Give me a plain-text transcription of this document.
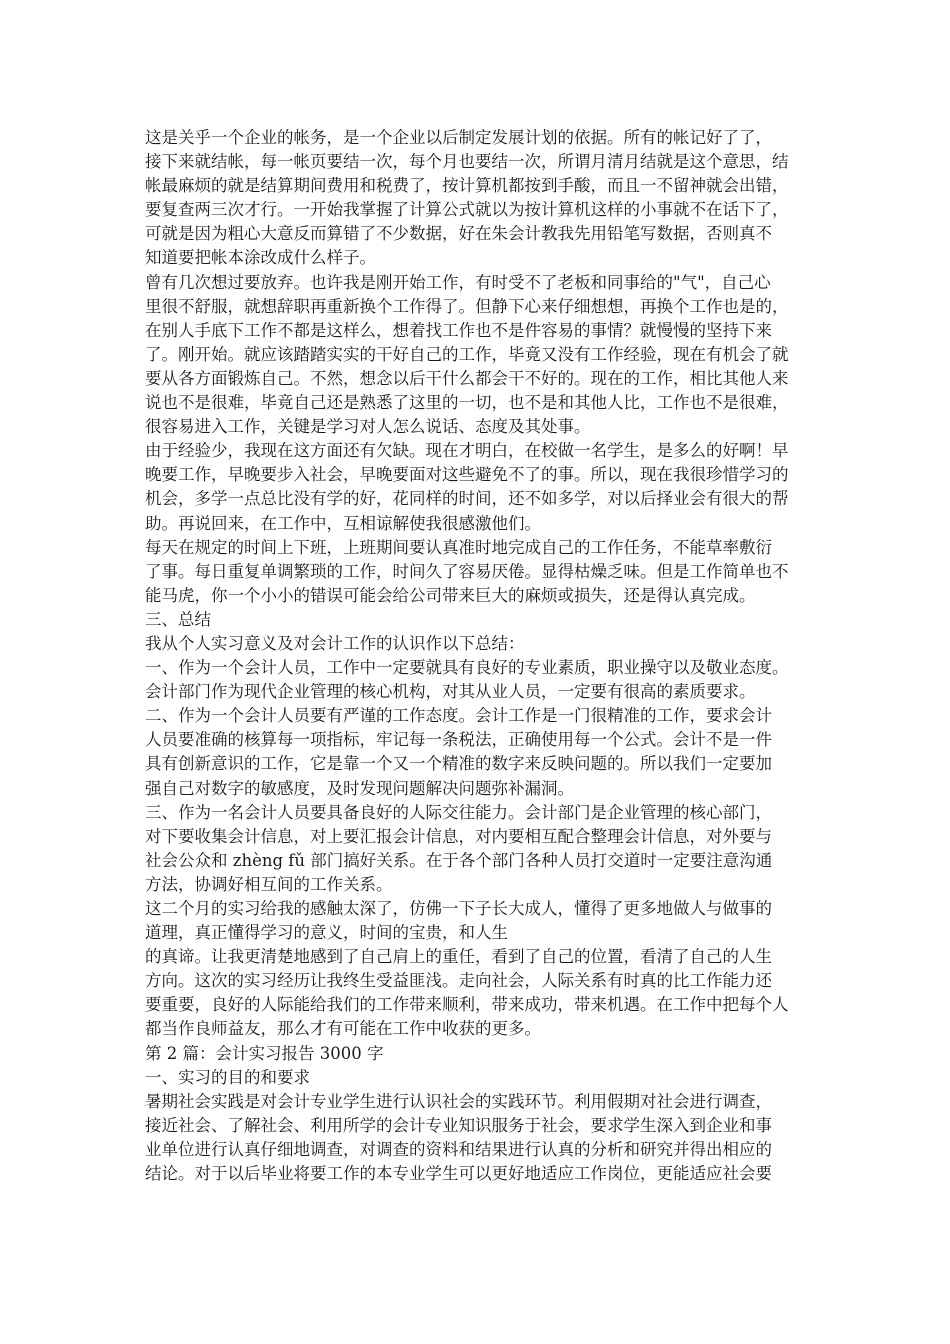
这是关乎一个企业的帐务，是一个企业以后制定发展计划的依据。所有的帐记好了了，

接下来就结帐，每一帐页要结一次，每个月也要结一次，所谓月清月结就是这个意思，结

帐最麻烦的就是结算期间费用和税费了，按计算机都按到手酸，而且一不留神就会出错，

要复查两三次才行。一开始我掌握了计算公式就以为按计算机这样的小事就不在话下了，

可就是因为粗心大意反而算错了不少数据，好在朱会计教我先用铅笔写数据，否则真不

知道要把帐本涂改成什么样子。

曾有几次想过要放弃。也许我是刚开始工作，有时受不了老板和同事给的"气"，自己心

里很不舒服，就想辞职再重新换个工作得了。但静下心来仔细想想，再换个工作也是的，

在别人手底下工作不都是这样么，想着找工作也不是件容易的事情？就慢慢的坚持下来

了。刚开始。就应该踏踏实实的干好自己的工作，毕竟又没有工作经验，现在有机会了就

要从各方面锻炼自己。不然，想念以后干什么都会干不好的。现在的工作，相比其他人来

说也不是很难，毕竟自己还是熟悉了这里的一切，也不是和其他人比，工作也不是很难，

很容易进入工作，关键是学习对人怎么说话、态度及其处事。

由于经验少，我现在这方面还有欠缺。现在才明白，在校做一名学生，是多么的好啊！早

晚要工作，早晚要步入社会，早晚要面对这些避免不了的事。所以，现在我很珍惜学习的

机会，多学一点总比没有学的好，花同样的时间，还不如多学，对以后择业会有很大的帮

助。再说回来，在工作中，互相谅解使我很感激他们。

每天在规定的时间上下班，上班期间要认真准时地完成自己的工作任务，不能草率敷衍

了事。每日重复单调繁琐的工作，时间久了容易厌倦。显得枯燥乏味。但是工作简单也不

能马虎，你一个小小的错误可能会给公司带来巨大的麻烦或损失，还是得认真完成。

三、总结

我从个人实习意义及对会计工作的认识作以下总结：

一、作为一个会计人员，工作中一定要就具有良好的专业素质，职业操守以及敬业态度。

会计部门作为现代企业管理的核心机构，对其从业人员，一定要有很高的素质要求。

二、作为一个会计人员要有严谨的工作态度。会计工作是一门很精准的工作，要求会计

人员要准确的核算每一项指标，牢记每一条税法，正确使用每一个公式。会计不是一件

具有创新意识的工作，它是靠一个又一个精准的数字来反映问题的。所以我们一定要加

强自己对数字的敏感度，及时发现问题解决问题弥补漏洞。

三、作为一名会计人员要具备良好的人际交往能力。会计部门是企业管理的核心部门，

对下要收集会计信息，对上要汇报会计信息，对内要相互配合整理会计信息，对外要与

社会公众和 zhèng fǔ 部门搞好关系。在于各个部门各种人员打交道时一定要注意沟通

方法，协调好相互间的工作关系。

这二个月的实习给我的感触太深了，仿佛一下子长大成人，懂得了更多地做人与做事的

道理，真正懂得学习的意义，时间的宝贵，和人生

的真谛。让我更清楚地感到了自己肩上的重任，看到了自己的位置，看清了自己的人生

方向。这次的实习经历让我终生受益匪浅。走向社会，人际关系有时真的比工作能力还

要重要，良好的人际能给我们的工作带来顺利，带来成功，带来机遇。在工作中把每个人

都当作良师益友，那么才有可能在工作中收获的更多。

第 2 篇：会计实习报告 3000 字

一、实习的目的和要求

暑期社会实践是对会计专业学生进行认识社会的实践环节。利用假期对社会进行调查，

接近社会、了解社会、利用所学的会计专业知识服务于社会，要求学生深入到企业和事

业单位进行认真仔细地调查，对调查的资料和结果进行认真的分析和研究并得出相应的

结论。对于以后毕业将要工作的本专业学生可以更好地适应工作岗位，更能适应社会要
